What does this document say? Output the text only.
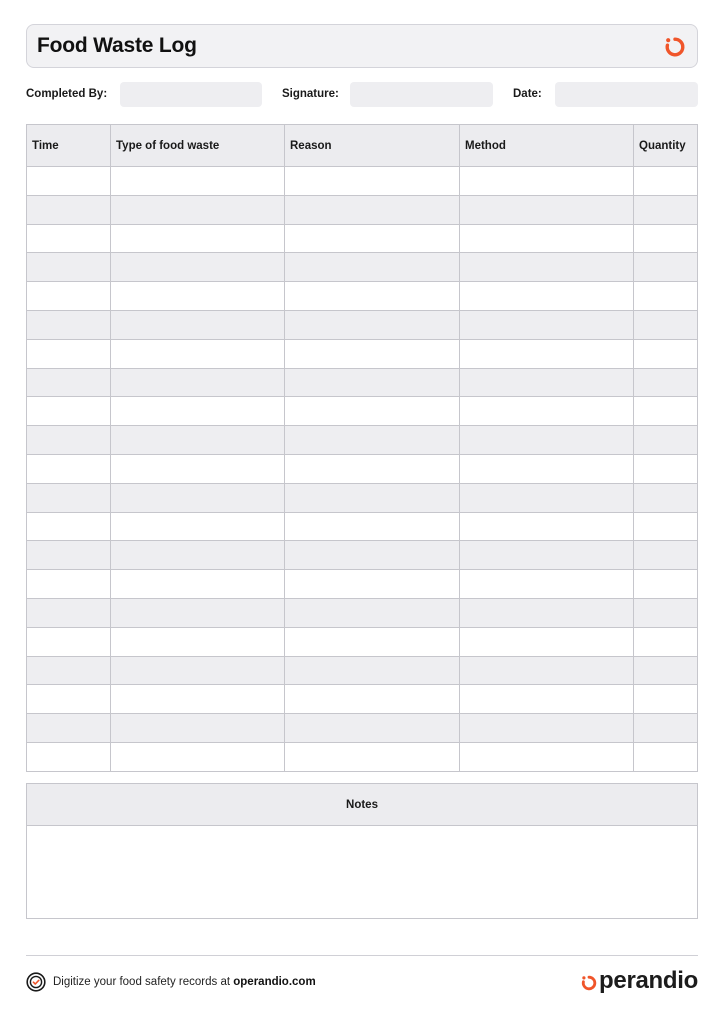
Food Waste Log
Completed By:	Signature:	Date:
Time	Type of food waste	Reason	Method	Quantity

Notes
Digitize your food safety records at operandio.com	perandio
